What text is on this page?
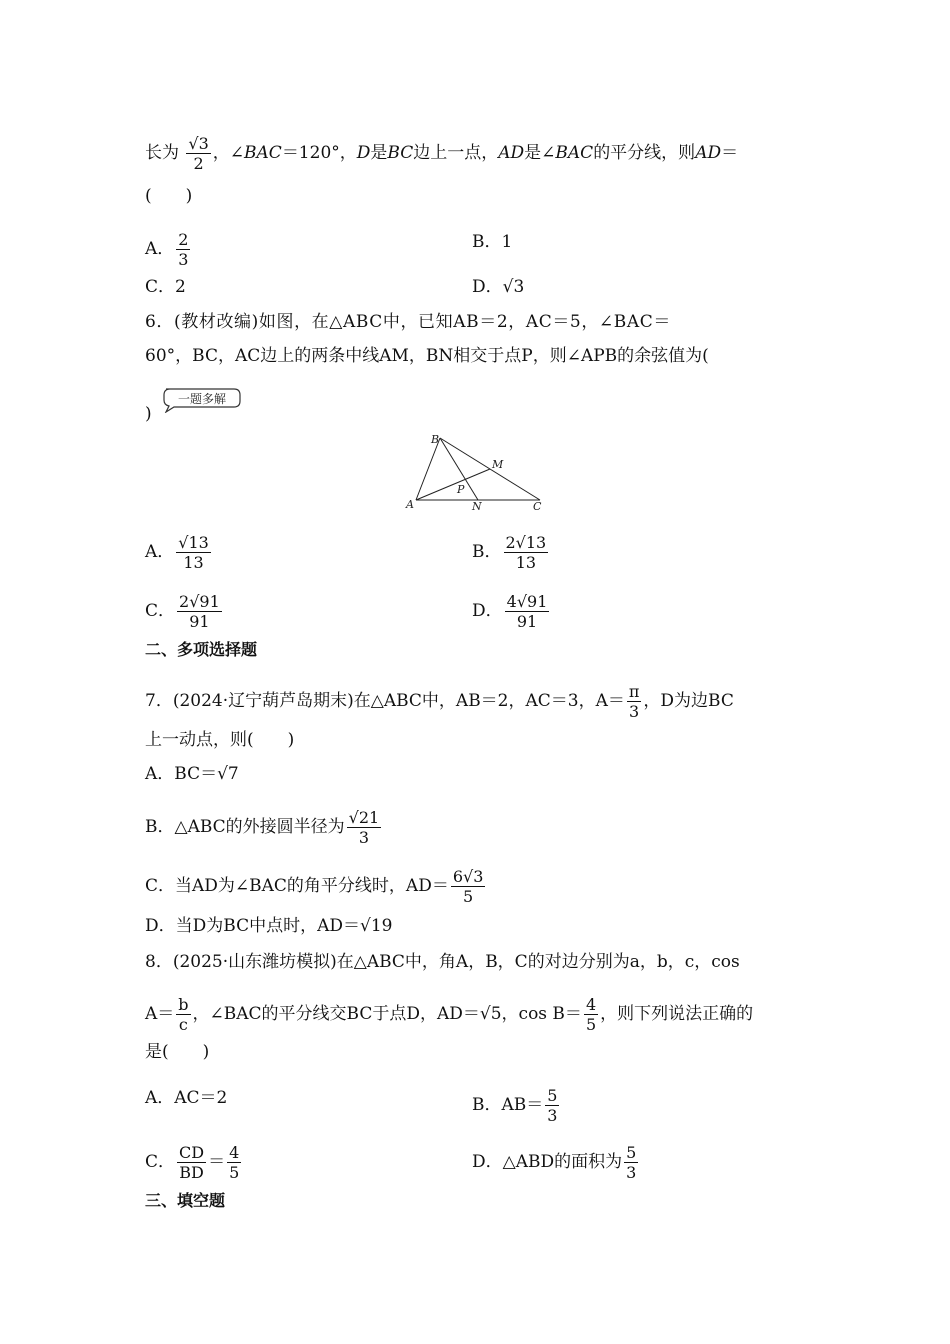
长为 $\frac{√3}{2}$ ，∠BAC＝120°，D是BC边上一点，AD是∠BAC的平分线，则AD＝
(　　)
A． $\frac{2}{3}$	B．1
C．2	D．√3
6．(教材改编)如图，在△ABC中，已知AB＝2，AC＝5，∠BAC＝
60°，BC，AC边上的两条中线AM，BN相交于点P，则∠APB的余弦值为(
)
一题多解
B
M
P
A	N	C
A． $\frac{√13}{13}$	B． $\frac{2√13}{13}$
C． $\frac{2√91}{91}$	D． $\frac{4√91}{91}$
二、多项选择题
7．(2024·辽宁葫芦岛期末)在△ABC中，AB＝2，AC＝3，$A= \frac{\pi}{3}$ ，D为边BC
上一动点，则(　　)
A．BC＝√7
B．△ABC的外接圆半径为 $\frac{√21}{3}$
C．当AD为∠BAC的角平分线时，$AD= \frac{6√3}{5}$
D．当D为BC中点时，AD＝√19
8．(2025·山东潍坊模拟)在△ABC中，角A，B，C的对边分别为a，b，c，cos
$A= \frac{b}{c}$ ，∠BAC的平分线交BC于点D，AD＝√5，$\cos B= \frac{4}{5}$ ，则下列说法正确的
是(　　)
A．AC＝2	B．$AB= \frac{5}{3}$
C． $\frac{CD}{BD} = \frac{4}{5}$	D．△ABD的面积为 $\frac{5}{3}$
三、填空题
